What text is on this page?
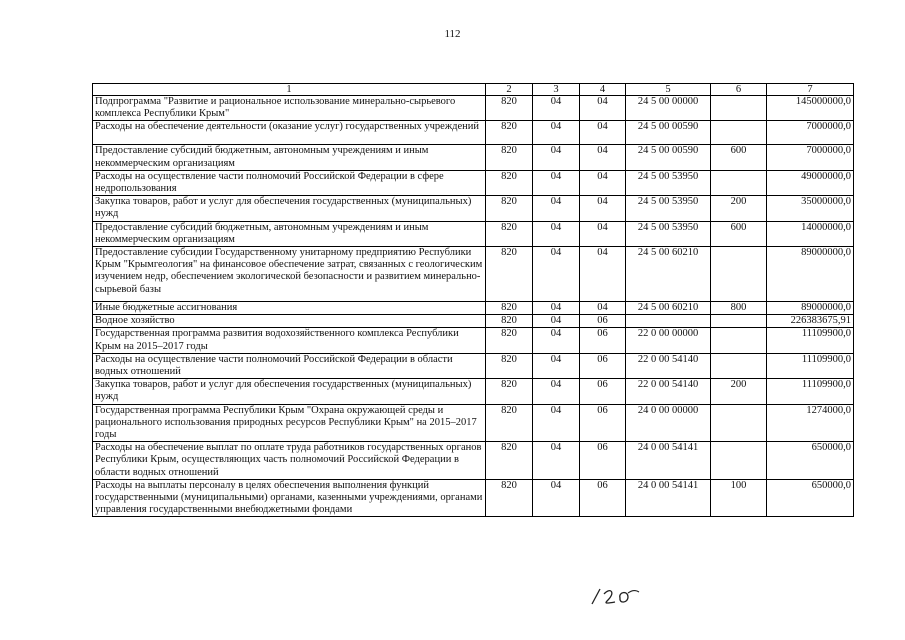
112
1	2	3	4	5	6	7
Подпрограмма "Развитие и рациональное использование минерально-сырьевого комплекса Республики Крым"	820	04	04	24 5 00 00000		145000000,0
Расходы на обеспечение деятельности (оказание услуг) государственных учреждений	820	04	04	24 5 00 00590		7000000,0
Предоставление субсидий бюджетным, автономным учреждениям и иным некоммерческим организациям	820	04	04	24 5 00 00590	600	7000000,0
Расходы на осуществление части полномочий Российской Федерации в сфере недропользования	820	04	04	24 5 00 53950		49000000,0
Закупка товаров, работ и услуг для обеспечения государственных (муниципальных) нужд	820	04	04	24 5 00 53950	200	35000000,0
Предоставление субсидий бюджетным, автономным учреждениям и иным некоммерческим организациям	820	04	04	24 5 00 53950	600	14000000,0
Предоставление субсидии Государственному унитарному предприятию Республики Крым "Крымгеология" на финансовое обеспечение затрат, связанных с геологическим изучением недр, обеспечением экологической безопасности и развитием минерально-сырьевой базы	820	04	04	24 5 00 60210		89000000,0
Иные бюджетные ассигнования	820	04	04	24 5 00 60210	800	89000000,0
Водное хозяйство	820	04	06			226383675,91
Государственная программа развития водохозяйственного комплекса Республики Крым на 2015–2017 годы	820	04	06	22 0 00 00000		11109900,0
Расходы на осуществление части полномочий Российской Федерации в области водных отношений	820	04	06	22 0 00 54140		11109900,0
Закупка товаров, работ и услуг для обеспечения государственных (муниципальных) нужд	820	04	06	22 0 00 54140	200	11109900,0
Государственная программа Республики Крым "Охрана окружающей среды и рационального использования природных ресурсов Республики Крым" на 2015–2017 годы	820	04	06	24 0 00 00000		1274000,0
Расходы на обеспечение выплат по оплате труда работников государственных органов Республики Крым, осуществляющих часть полномочий Российской Федерации в области водных отношений	820	04	06	24 0 00 54141		650000,0
Расходы на выплаты персоналу в целях обеспечения выполнения функций государственными (муниципальными) органами, казенными учреждениями, органами управления государственными внебюджетными фондами	820	04	06	24 0 00 54141	100	650000,0
